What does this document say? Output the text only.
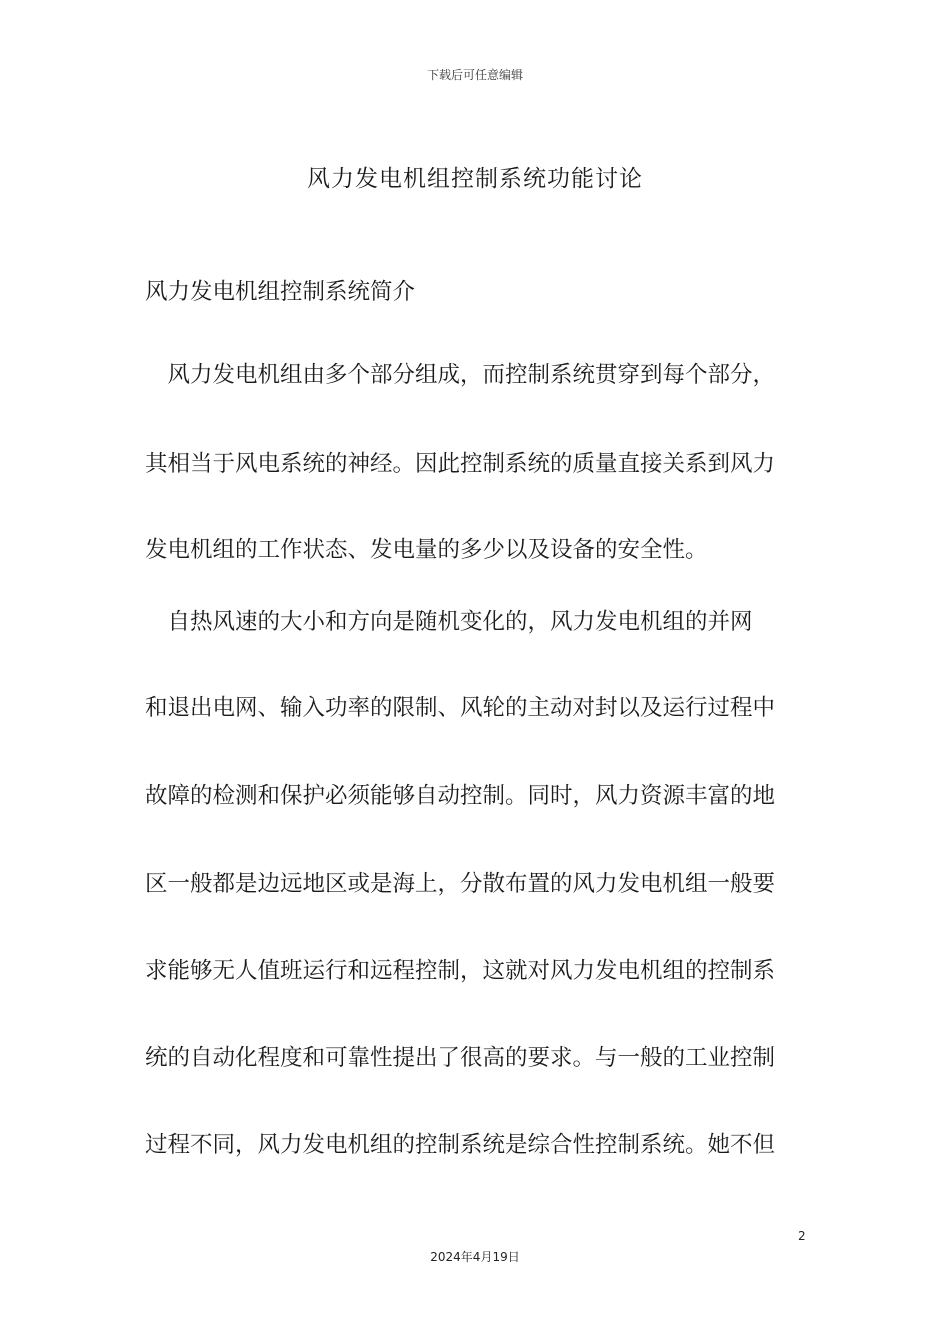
下载后可任意编辑
风力发电机组控制系统功能讨论
风力发电机组控制系统简介
　风力发电机组由多个部分组成，而控制系统贯穿到每个部分，
其相当于风电系统的神经。因此控制系统的质量直接关系到风力
发电机组的工作状态、发电量的多少以及设备的安全性。
　自热风速的大小和方向是随机变化的，风力发电机组的并网
和退出电网、输入功率的限制、风轮的主动对封以及运行过程中
故障的检测和保护必须能够自动控制。同时，风力资源丰富的地
区一般都是边远地区或是海上，分散布置的风力发电机组一般要
求能够无人值班运行和远程控制，这就对风力发电机组的控制系
统的自动化程度和可靠性提出了很高的要求。与一般的工业控制
过程不同，风力发电机组的控制系统是综合性控制系统。她不但
2
2024年4月19日
